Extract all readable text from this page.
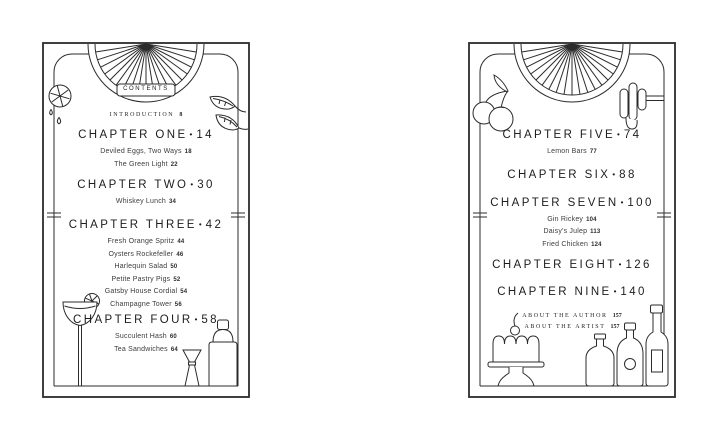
CONTENTS
INTRODUCTION 8
CHAPTER ONE • 14
Deviled Eggs, Two Ways 18
The Green Light 22
CHAPTER TWO • 30
Whiskey Lunch 34
CHAPTER THREE • 42
Fresh Orange Spritz 44
Oysters Rockefeller 46
Harlequin Salad 50
Petite Pastry Pigs 52
Gatsby House Cordial 54
Champagne Tower 56
CHAPTER FOUR • 58
Succulent Hash 60
Tea Sandwiches 64
CHAPTER FIVE • 74
Lemon Bars 77
CHAPTER SIX • 88
CHAPTER SEVEN • 100
Gin Rickey 104
Daisy's Julep 113
Fried Chicken 124
CHAPTER EIGHT • 126
CHAPTER NINE • 140
ABOUT THE AUTHOR 157
ABOUT THE ARTIST 157
